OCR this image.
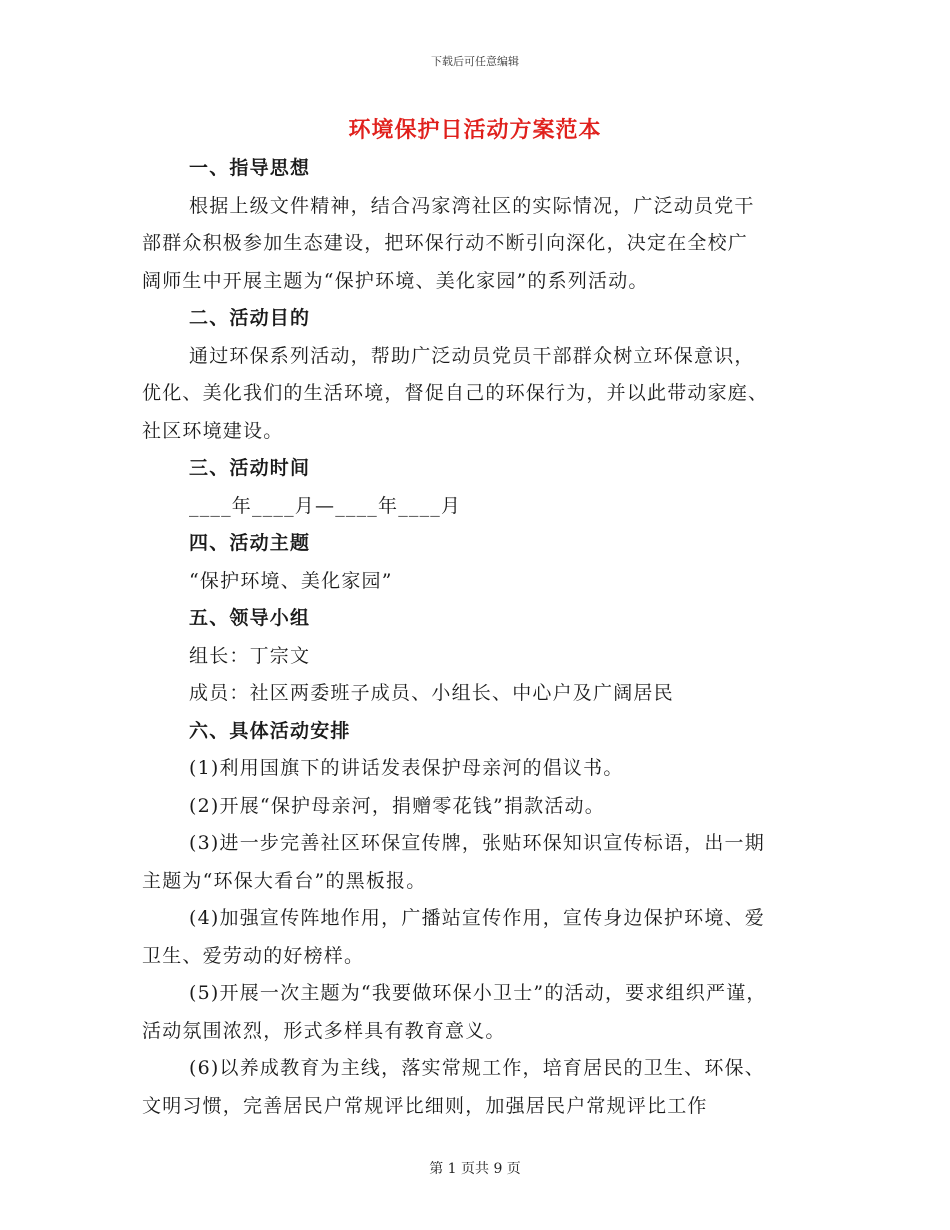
下载后可任意编辑
环境保护日活动方案范本
一、指导思想
根据上级文件精神，结合冯家湾社区的实际情况，广泛动员党干
部群众积极参加生态建设，把环保行动不断引向深化，决定在全校广
阔师生中开展主题为“保护环境、美化家园”的系列活动。
二、活动目的
通过环保系列活动，帮助广泛动员党员干部群众树立环保意识，
优化、美化我们的生活环境，督促自己的环保行为，并以此带动家庭、
社区环境建设。
三、活动时间
____年____月—____年____月
四、活动主题
“保护环境、美化家园”
五、领导小组
组长：丁宗文
成员：社区两委班子成员、小组长、中心户及广阔居民
六、具体活动安排
(1)利用国旗下的讲话发表保护母亲河的倡议书。
(2)开展“保护母亲河，捐赠零花钱”捐款活动。
(3)进一步完善社区环保宣传牌，张贴环保知识宣传标语，出一期
主题为“环保大看台”的黑板报。
(4)加强宣传阵地作用，广播站宣传作用，宣传身边保护环境、爱
卫生、爱劳动的好榜样。
(5)开展一次主题为“我要做环保小卫士”的活动，要求组织严谨，
活动氛围浓烈，形式多样具有教育意义。
(6)以养成教育为主线，落实常规工作，培育居民的卫生、环保、
文明习惯，完善居民户常规评比细则，加强居民户常规评比工作
第 1 页共 9 页
